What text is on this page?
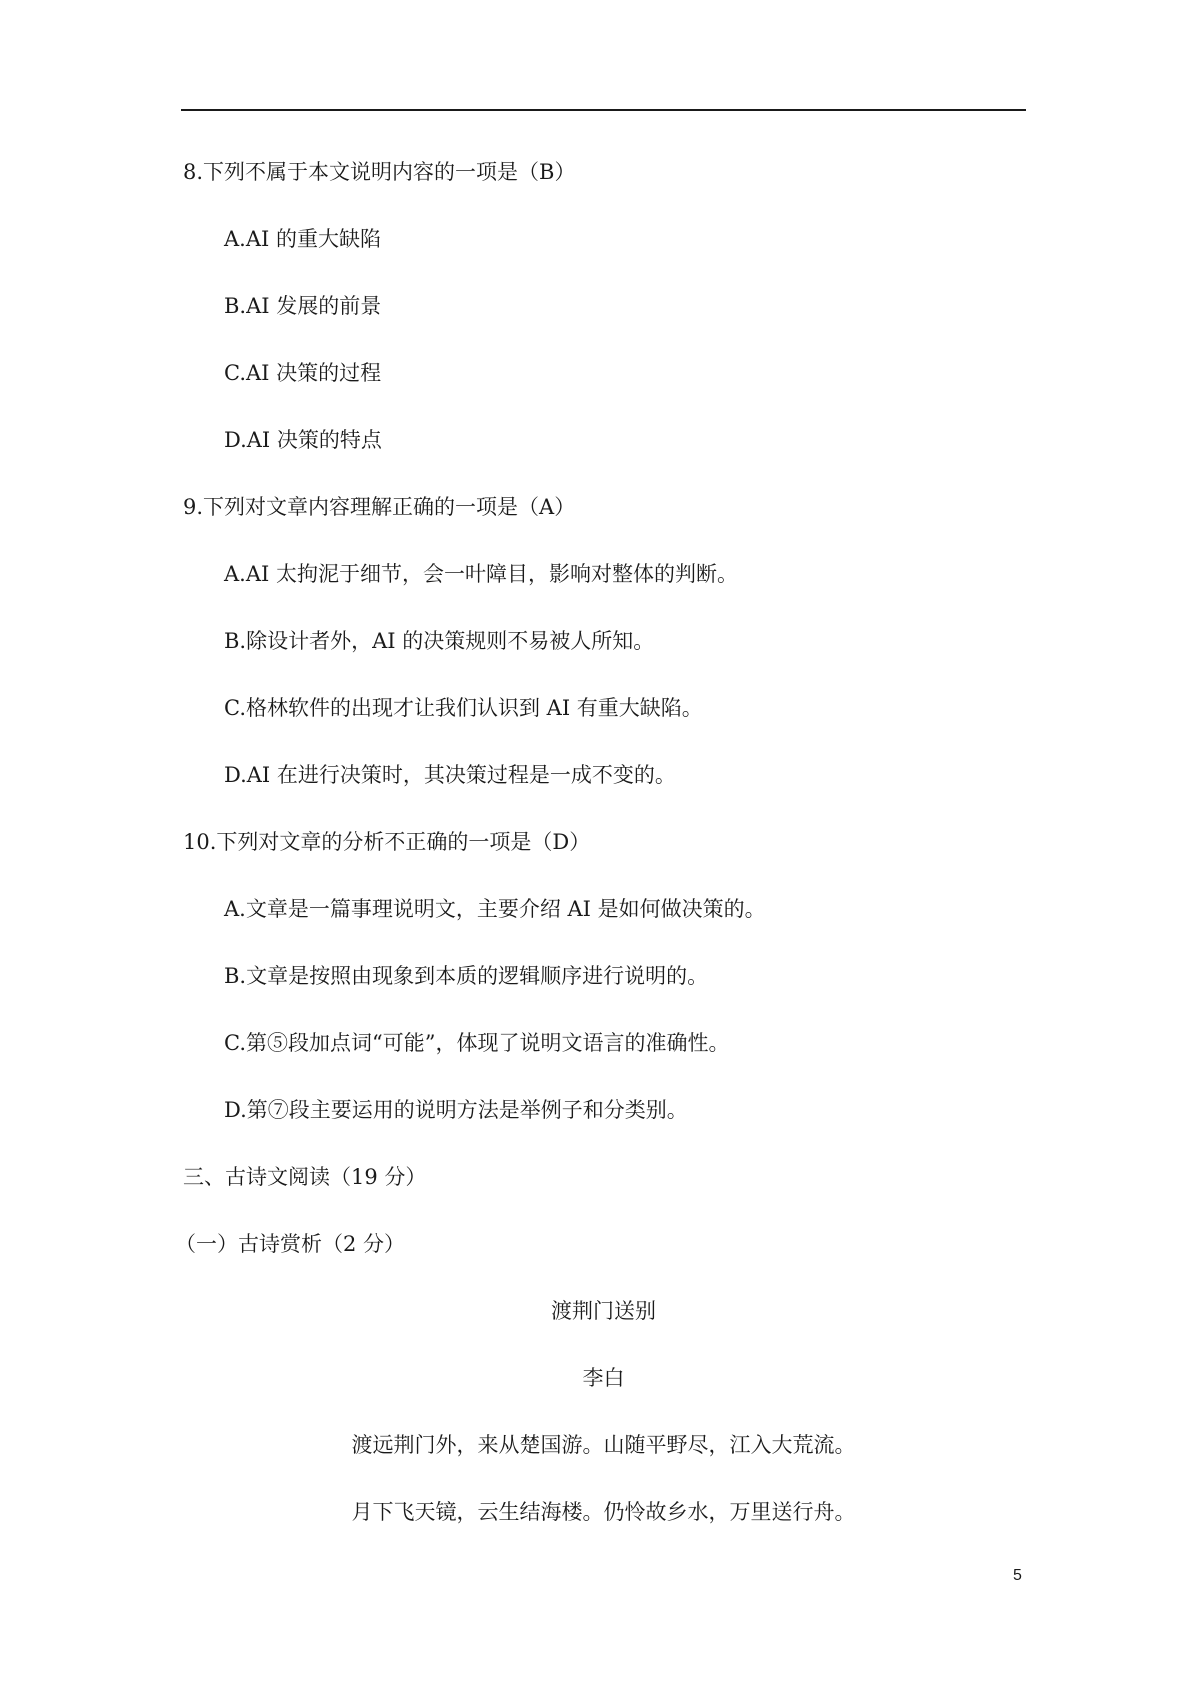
8.下列不属于本文说明内容的一项是（B）
A.AI 的重大缺陷
B.AI 发展的前景
C.AI 决策的过程
D.AI 决策的特点
9.下列对文章内容理解正确的一项是（A）
A.AI 太拘泥于细节，会一叶障目，影响对整体的判断。
B.除设计者外，AI 的决策规则不易被人所知。
C.格林软件的出现才让我们认识到 AI 有重大缺陷。
D.AI 在进行决策时，其决策过程是一成不变的。
10.下列对文章的分析不正确的一项是（D）
A.文章是一篇事理说明文，主要介绍 AI 是如何做决策的。
B.文章是按照由现象到本质的逻辑顺序进行说明的。
C.第⑤段加点词“可能”，体现了说明文语言的准确性。
D.第⑦段主要运用的说明方法是举例子和分类别。
三、古诗文阅读（19 分）
（一）古诗赏析（2 分）
渡荆门送别
李白
渡远荆门外，来从楚国游。山随平野尽，江入大荒流。
月下飞天镜，云生结海楼。仍怜故乡水，万里送行舟。
5
